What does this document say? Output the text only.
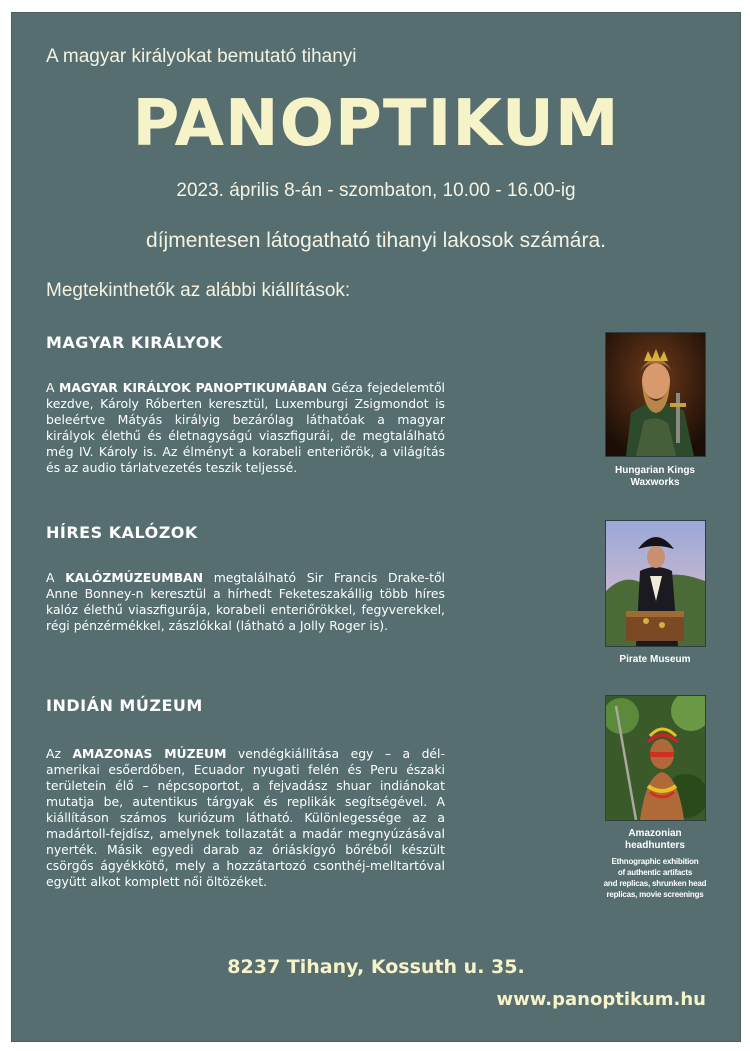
A magyar királyokat bemutató tihanyi
PANOPTIKUM
2023. április 8-án - szombaton, 10.00 - 16.00-ig
díjmentesen látogatható tihanyi lakosok számára.
Megtekinthetők az alábbi kiállítások:
MAGYAR KIRÁLYOK
A MAGYAR KIRÁLYOK PANOPTIKUMÁBAN Géza fejedelemtől kezdve, Károly Róberten keresztül, Luxemburgi Zsigmondot is beleértve Mátyás királyig bezárólag láthatóak a magyar királyok élethű és életnagyságú viaszfigurái, de megtalálható még IV. Károly is. Az élményt a korabeli enteriőrök, a világítás és az audio tárlatvezetés teszik teljessé.	Hungarian Kings
Waxworks
HÍRES KALÓZOK
A KALÓZMÚZEUMBAN megtalálható Sir Francis Drake-től Anne Bonney-n keresztül a hírhedt Feketeszakállig több híres kalóz élethű viaszfigurája, korabeli enteriőrökkel, fegyverekkel, régi pénzérmékkel, zászlókkal (látható a Jolly Roger is).
Pirate Museum
INDIÁN MÚZEUM
Az AMAZONAS MÚZEUM vendégkiállítása egy – a dél-amerikai esőerdőben, Ecuador nyugati felén és Peru északi területein élő – népcsoportot, a fejvadász shuar indiánokat mutatja be, autentikus tárgyak és replikák segítségével. A kiállításon számos kuriózum látható. Különlegessége az a madártoll-fejdísz, amelynek tollazatát a madár megnyúzásával nyerték. Másik egyedi darab az óriáskígyó bőréből készült csörgős ágyékkötő, mely a hozzátartozó csonthéj-melltartóval együtt alkot komplett női öltözéket.
Amazonian
headhunters
Ethnographic exhibition
of authentic artifacts
and replicas, shrunken head
replicas, movie screenings
8237 Tihany, Kossuth u. 35.
www.panoptikum.hu
